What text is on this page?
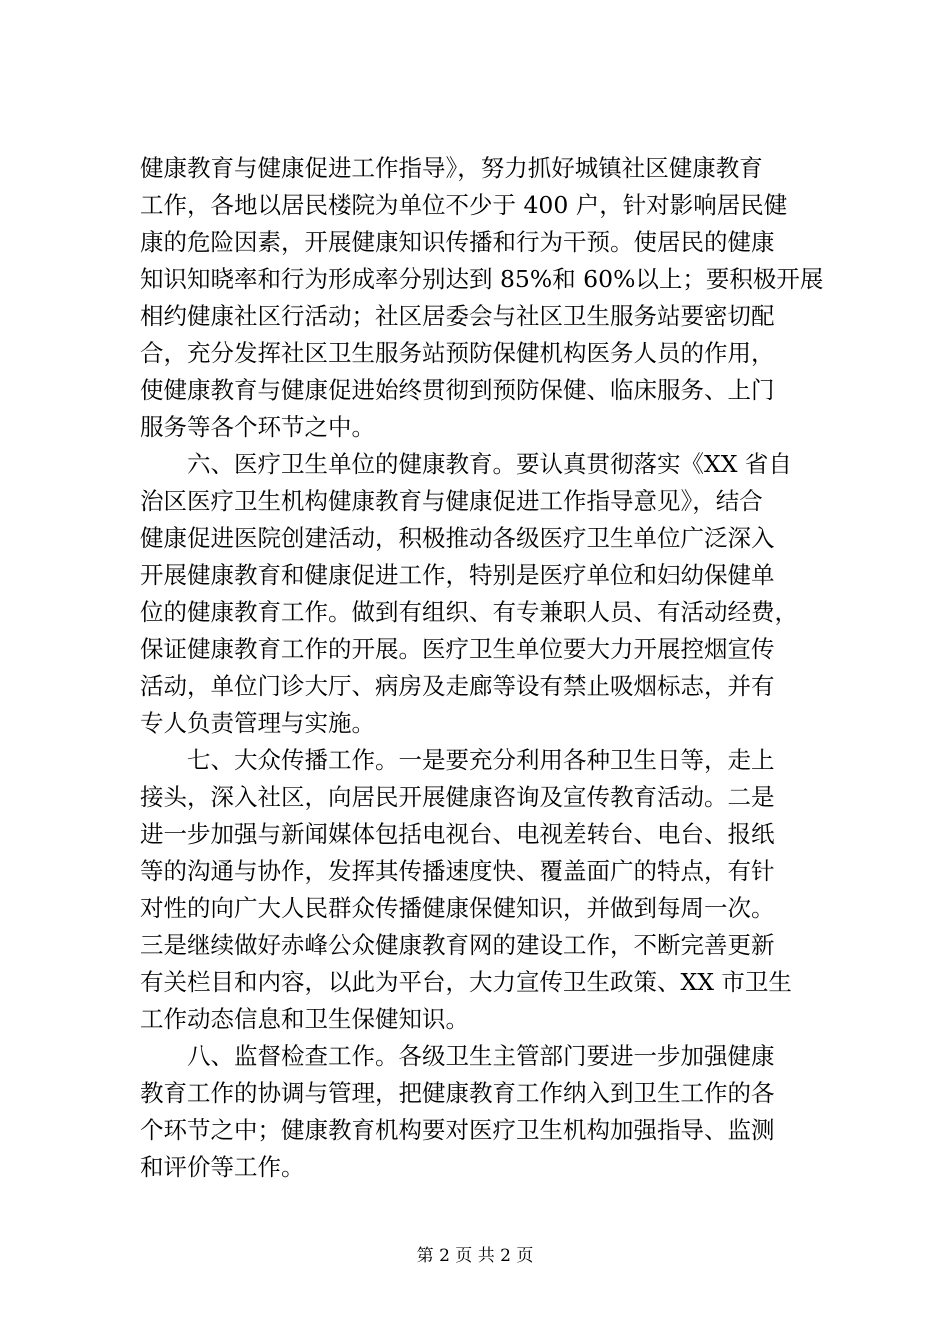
健康教育与健康促进工作指导》，努力抓好城镇社区健康教育
工作，各地以居民楼院为单位不少于 400 户，针对影响居民健
康的危险因素，开展健康知识传播和行为干预。使居民的健康
知识知晓率和行为形成率分别达到 85%和 60%以上；要积极开展
相约健康社区行活动；社区居委会与社区卫生服务站要密切配
合，充分发挥社区卫生服务站预防保健机构医务人员的作用，
使健康教育与健康促进始终贯彻到预防保健、临床服务、上门
服务等各个环节之中。
　　六、医疗卫生单位的健康教育。要认真贯彻落实《XX 省自
治区医疗卫生机构健康教育与健康促进工作指导意见》，结合
健康促进医院创建活动，积极推动各级医疗卫生单位广泛深入
开展健康教育和健康促进工作，特别是医疗单位和妇幼保健单
位的健康教育工作。做到有组织、有专兼职人员、有活动经费，
保证健康教育工作的开展。医疗卫生单位要大力开展控烟宣传
活动，单位门诊大厅、病房及走廊等设有禁止吸烟标志，并有
专人负责管理与实施。
　　七、大众传播工作。一是要充分利用各种卫生日等，走上
接头，深入社区，向居民开展健康咨询及宣传教育活动。二是
进一步加强与新闻媒体包括电视台、电视差转台、电台、报纸
等的沟通与协作，发挥其传播速度快、覆盖面广的特点，有针
对性的向广大人民群众传播健康保健知识，并做到每周一次。
三是继续做好赤峰公众健康教育网的建设工作，不断完善更新
有关栏目和内容，以此为平台，大力宣传卫生政策、XX 市卫生
工作动态信息和卫生保健知识。
　　八、监督检查工作。各级卫生主管部门要进一步加强健康
教育工作的协调与管理，把健康教育工作纳入到卫生工作的各
个环节之中；健康教育机构要对医疗卫生机构加强指导、监测
和评价等工作。
第 2 页 共 2 页
